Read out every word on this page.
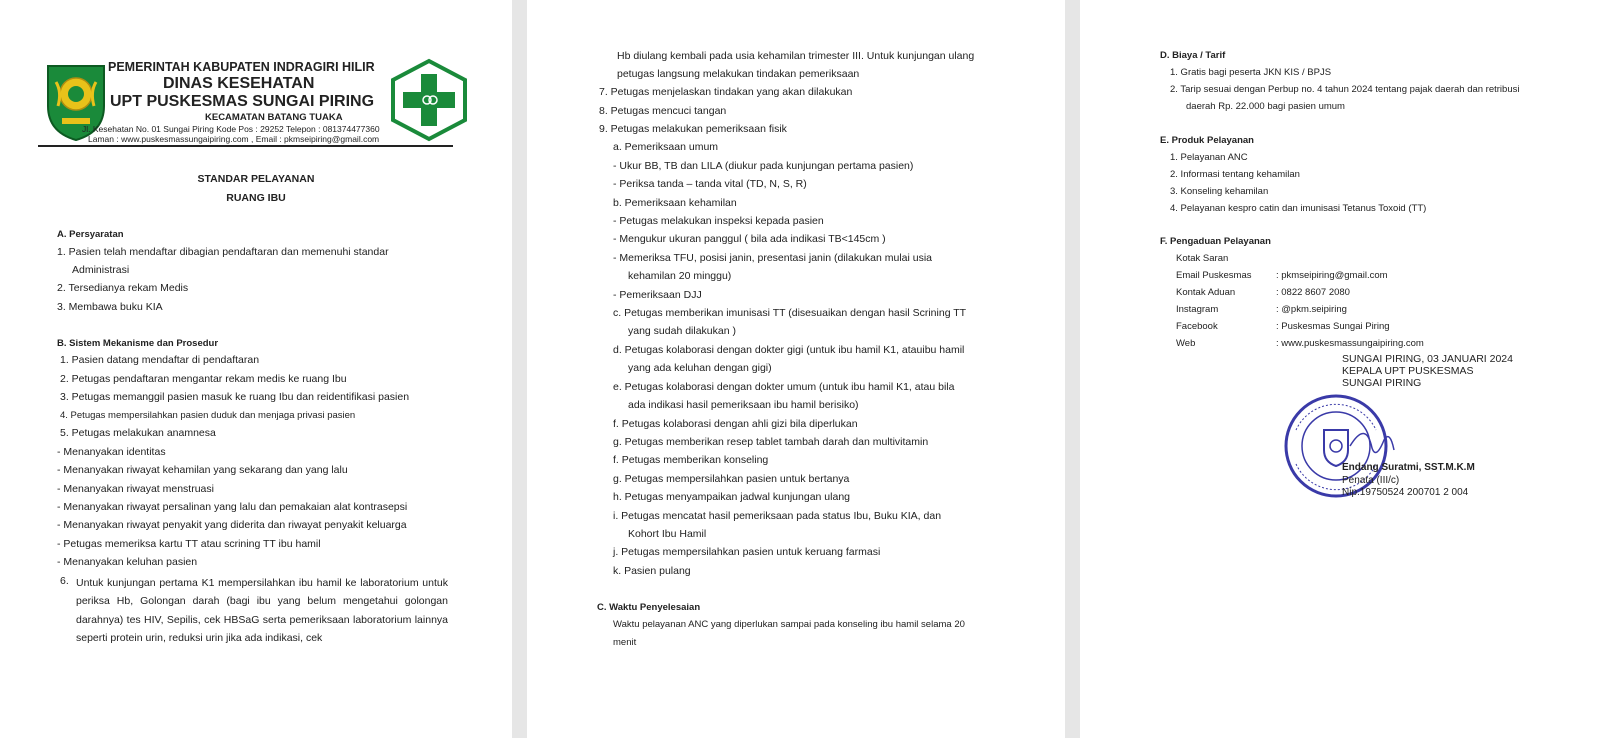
PEMERINTAH KABUPATEN INDRAGIRI HILIR
DINAS KESEHATAN
UPT PUSKESMAS SUNGAI PIRING
KECAMATAN BATANG TUAKA
Jl. Kesehatan No. 01 Sungai Piring Kode Pos : 29252 Telepon : 081374477360
Laman : www.puskesmassungaipiring.com , Email : pkmseipiring@gmail.com
STANDAR PELAYANAN
RUANG IBU
A. Persyaratan
1. Pasien telah mendaftar dibagian pendaftaran dan memenuhi standar
Administrasi
2. Tersedianya rekam Medis
3. Membawa buku KIA
B. Sistem Mekanisme dan Prosedur
1. Pasien datang mendaftar di pendaftaran
2. Petugas pendaftaran mengantar rekam medis ke ruang Ibu
3. Petugas memanggil pasien masuk ke ruang Ibu dan reidentifikasi pasien
4. Petugas mempersilahkan pasien duduk dan menjaga privasi pasien
5. Petugas melakukan anamnesa
- Menanyakan identitas
- Menanyakan riwayat kehamilan yang sekarang dan yang lalu
- Menanyakan riwayat menstruasi
- Menanyakan riwayat persalinan yang lalu dan pemakaian alat kontrasepsi
- Menanyakan riwayat penyakit yang diderita dan riwayat penyakit keluarga
- Petugas memeriksa kartu TT atau scrining TT ibu hamil
- Menanyakan keluhan pasien
6. Untuk kunjungan pertama K1 mempersilahkan ibu hamil ke laboratorium untuk periksa Hb, Golongan darah (bagi ibu yang belum mengetahui golongan darahnya) tes HIV, Sepilis, cek HBSaG serta pemeriksaan laboratorium lainnya seperti protein urin, reduksi urin jika ada indikasi, cek
Hb diulang kembali pada usia kehamilan trimester III. Untuk kunjungan ulang
petugas langsung melakukan tindakan pemeriksaan
7. Petugas menjelaskan tindakan yang akan dilakukan
8. Petugas mencuci tangan
9. Petugas melakukan pemeriksaan fisik
a. Pemeriksaan umum
- Ukur BB, TB dan LILA (diukur pada kunjungan pertama pasien)
- Periksa tanda – tanda vital (TD, N, S, R)
b. Pemeriksaan kehamilan
- Petugas melakukan inspeksi kepada pasien
- Mengukur ukuran panggul ( bila ada indikasi TB<145cm )
- Memeriksa TFU, posisi janin, presentasi janin (dilakukan mulai usia
kehamilan 20 minggu)
- Pemeriksaan DJJ
c. Petugas memberikan imunisasi TT (disesuaikan dengan hasil Scrining TT
yang sudah dilakukan )
d. Petugas kolaborasi dengan dokter gigi (untuk ibu hamil K1, atauibu hamil
yang ada keluhan dengan gigi)
e. Petugas kolaborasi dengan dokter umum (untuk ibu hamil K1, atau bila
ada indikasi hasil pemeriksaan ibu hamil berisiko)
f. Petugas kolaborasi dengan ahli gizi bila diperlukan
g. Petugas memberikan resep tablet tambah darah dan multivitamin
f. Petugas memberikan konseling
g. Petugas mempersilahkan pasien untuk bertanya
h. Petugas menyampaikan jadwal kunjungan ulang
i. Petugas mencatat hasil pemeriksaan pada status Ibu, Buku KIA, dan
Kohort Ibu Hamil
j. Petugas mempersilahkan pasien untuk keruang farmasi
k. Pasien pulang
C. Waktu Penyelesaian
Waktu pelayanan ANC yang diperlukan sampai pada konseling ibu hamil selama 20
menit
D. Biaya / Tarif
1. Gratis bagi peserta JKN KIS / BPJS
2. Tarip sesuai dengan Perbup no. 4 tahun 2024 tentang pajak daerah dan retribusi
daerah Rp. 22.000 bagi pasien umum
E. Produk Pelayanan
1. Pelayanan ANC
2. Informasi tentang kehamilan
3. Konseling kehamilan
4. Pelayanan kespro catin dan imunisasi Tetanus Toxoid (TT)
F. Pengaduan Pelayanan
Kotak Saran
Email Puskesmas	: pkmseipiring@gmail.com
Kontak Aduan	: 0822 8607 2080
Instagram	: @pkm.seipiring
Facebook	: Puskesmas Sungai Piring
Web	: www.puskesmassungaipiring.com
SUNGAI PIRING, 03 JANUARI 2024
KEPALA UPT PUSKESMAS
SUNGAI PIRING
Endang Suratmi, SST.M.K.M
Penata (III/c)
Nip.19750524 200701 2 004
